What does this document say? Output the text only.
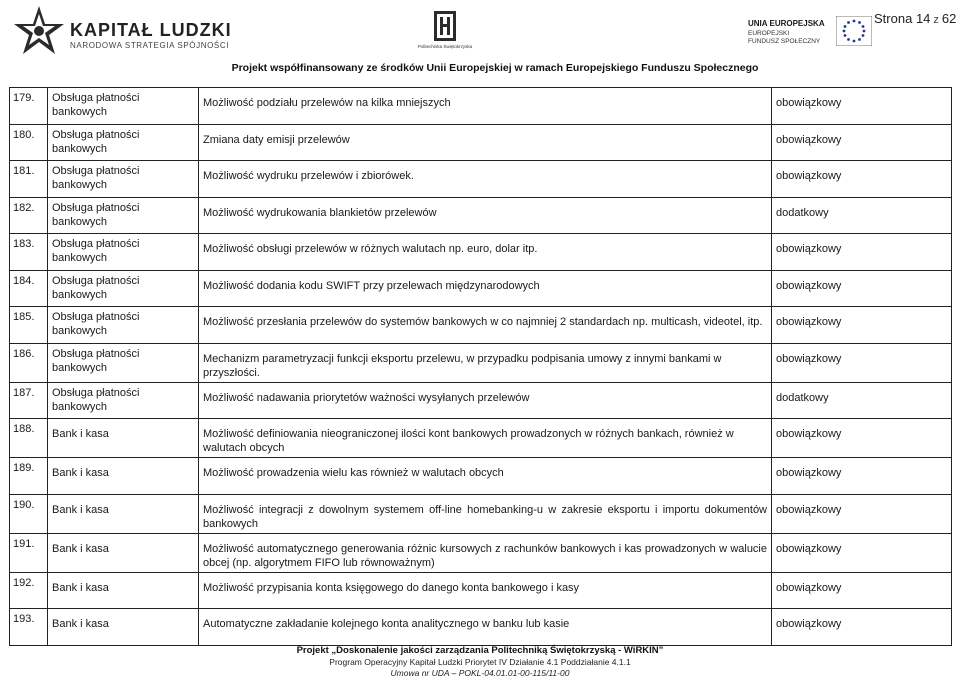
KAPITAŁ LUDZKI
NARODOWA STRATEGIA SPÓJNOŚCI	Politechnika Świętokrzyska
UNIA EUROPEJSKA
EUROPEJSKI
FUNDUSZ SPOŁECZNY
Strona 14 z 62
Projekt współfinansowany ze środków Unii Europejskiej w ramach Europejskiego Funduszu Społecznego
179.	Obsługa płatności bankowych	Możliwość podziału przelewów na kilka mniejszych	obowiązkowy
180.	Obsługa płatności bankowych	Zmiana daty emisji przelewów	obowiązkowy
181.	Obsługa płatności bankowych	Możliwość wydruku przelewów i zbiorówek.	obowiązkowy
182.	Obsługa płatności bankowych	Możliwość wydrukowania blankietów przelewów	dodatkowy
183.	Obsługa płatności bankowych	Możliwość obsługi przelewów w różnych walutach np. euro, dolar itp.	obowiązkowy
184.	Obsługa płatności bankowych	Możliwość dodania kodu SWIFT przy przelewach międzynarodowych	obowiązkowy
185.	Obsługa płatności bankowych	Możliwość przesłania przelewów do systemów bankowych w co najmniej 2 standardach np. multicash, videotel, itp.	obowiązkowy
186.	Obsługa płatności bankowych	Mechanizm parametryzacji funkcji eksportu przelewu, w przypadku podpisania umowy z innymi bankami w przyszłości.	obowiązkowy
187.	Obsługa płatności bankowych	Możliwość nadawania priorytetów ważności wysyłanych przelewów	dodatkowy
188.	Bank i kasa	Możliwość definiowania nieograniczonej ilości kont bankowych prowadzonych w różnych bankach, również w walutach obcych	obowiązkowy
189.	Bank i kasa	Możliwość prowadzenia wielu kas również w walutach obcych	obowiązkowy
190.	Bank i kasa	Możliwość integracji z dowolnym systemem off-line homebanking-u w zakresie eksportu i importu dokumentów bankowych	obowiązkowy
191.	Bank i kasa	Możliwość automatycznego generowania różnic kursowych z rachunków bankowych i kas prowadzonych w walucie obcej (np. algorytmem FIFO lub równoważnym)	obowiązkowy
192.	Bank i kasa	Możliwość przypisania konta księgowego do danego konta bankowego i kasy	obowiązkowy
193.	Bank i kasa	Automatyczne zakładanie kolejnego konta analitycznego w banku lub kasie	obowiązkowy
Projekt „Doskonalenie jakości zarządzania Politechniką Świętokrzyską - WiRKIN”
Program Operacyjny Kapitał Ludzki Priorytet IV Działanie 4.1 Poddziałanie 4.1.1
Umowa nr UDA – POKL-04.01.01-00-115/11-00
